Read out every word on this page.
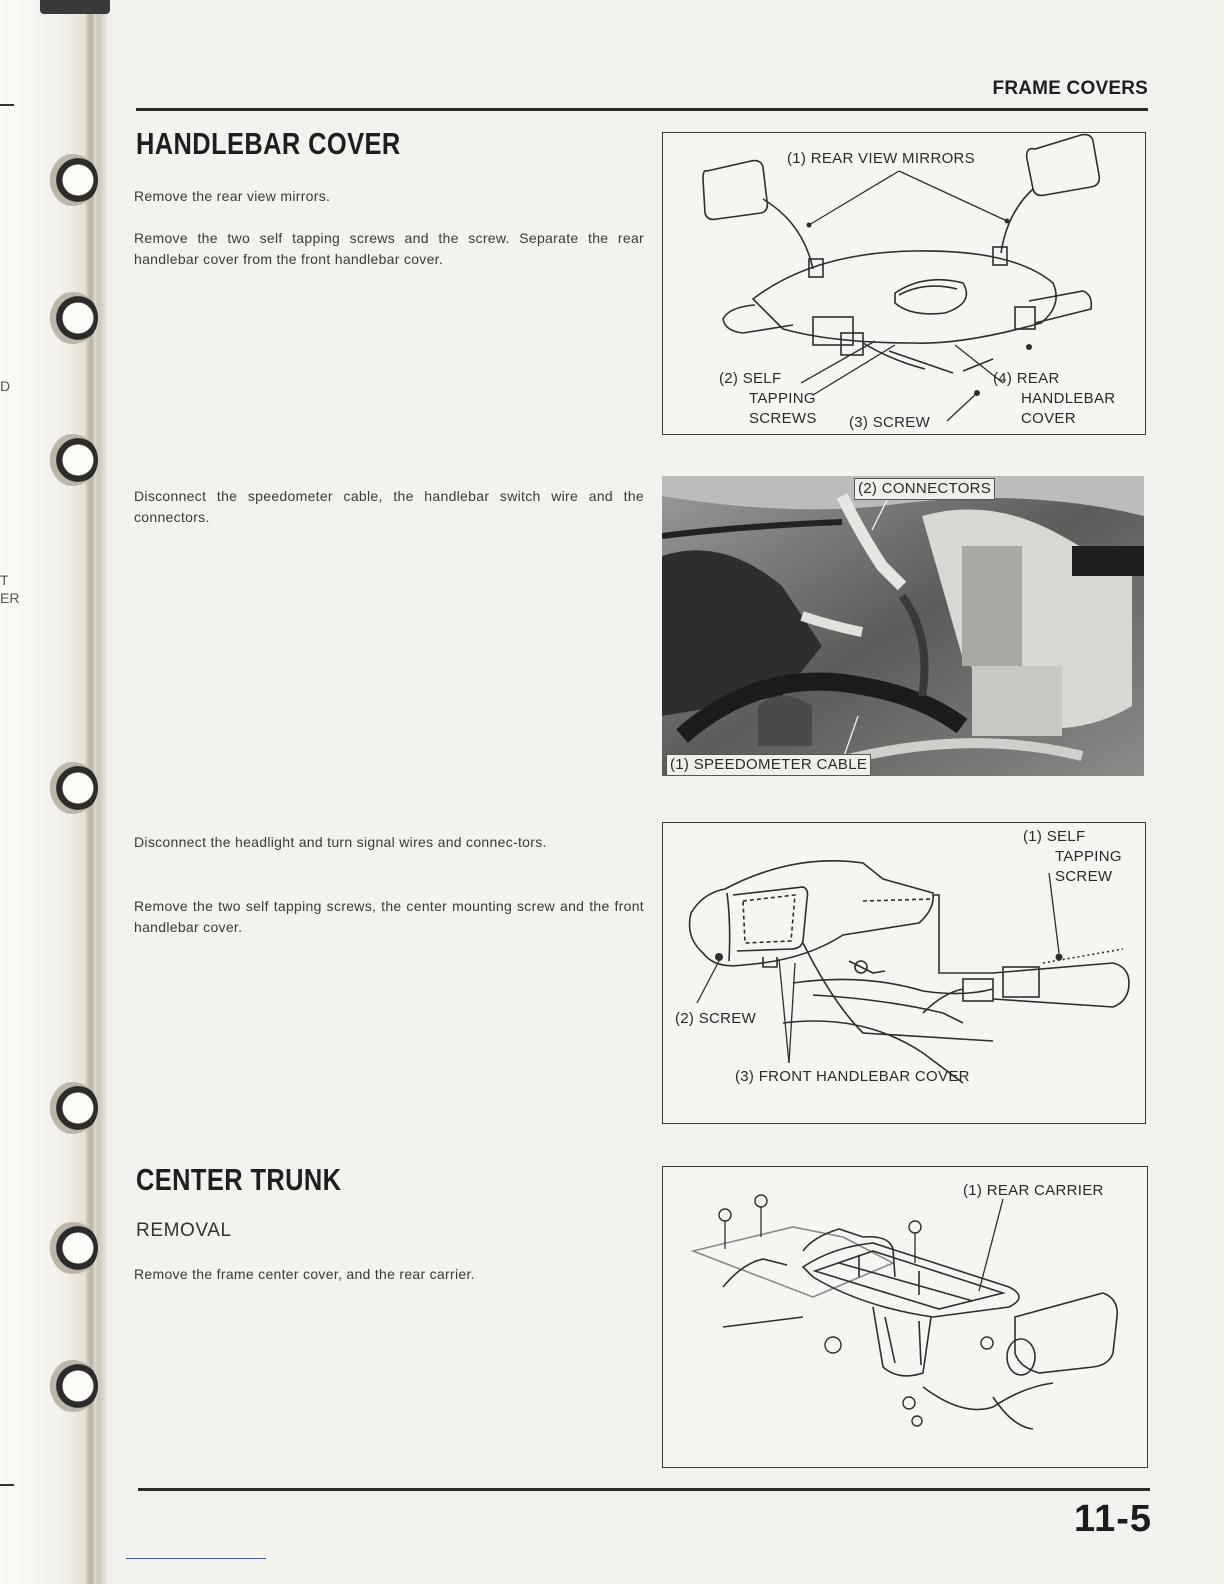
D
T
ER
FRAME COVERS
HANDLEBAR COVER
Remove the rear view mirrors.
Remove the two self tapping screws and the screw. Separate the rear handlebar cover from the front handlebar cover.
Disconnect the speedometer cable, the handlebar switch wire and the connectors.
Disconnect the headlight and turn signal wires and connec-tors.
Remove the two self tapping screws, the center mounting screw and the front handlebar cover.
CENTER TRUNK
REMOVAL
Remove the frame center cover, and the rear carrier.
(1) REAR VIEW MIRRORS
(2) SELF
TAPPING
SCREWS (3) SCREW
(4) REAR
HANDLEBAR
COVER
(2) CONNECTORS
(1) SPEEDOMETER CABLE
(1) SELF
TAPPING
SCREW
(2) SCREW
(3) FRONT HANDLEBAR COVER
(1) REAR CARRIER
11-5
